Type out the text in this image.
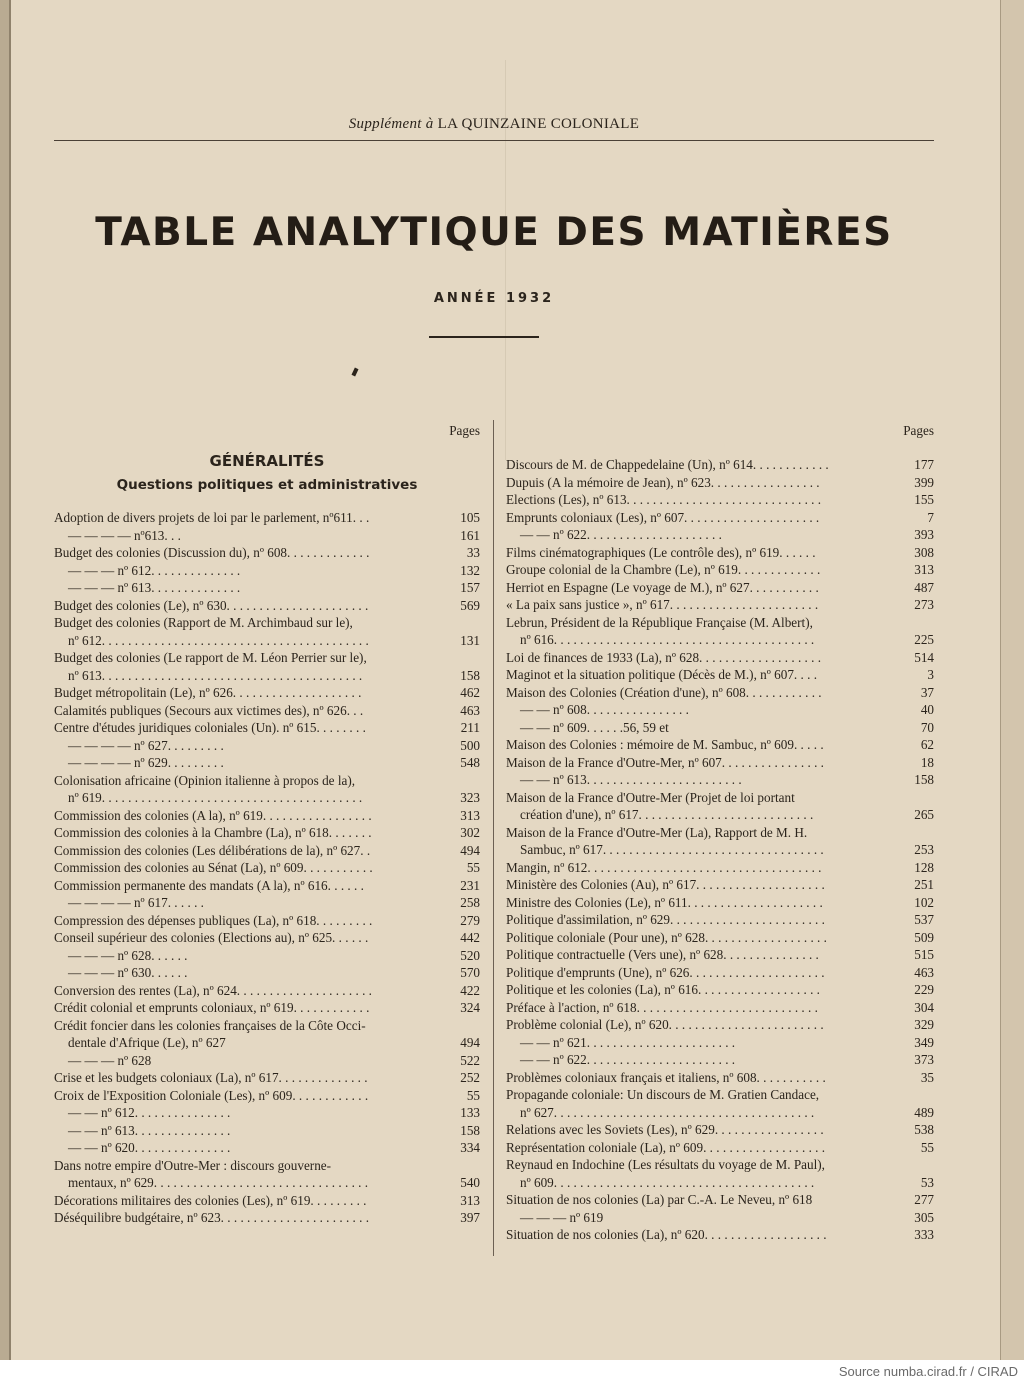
Supplément à LA QUINZAINE COLONIALE
TABLE ANALYTIQUE DES MATIÈRES
ANNÉE 1932
Pages
GÉNÉRALITÉS
Questions politiques et administratives
Adoption de divers projets de loi par le parlement, nº611. . .	105
— — — — nº613. . .	161
Budget des colonies (Discussion du), nº 608. . . . . . . . . . . . .	33
— — — nº 612. . . . . . . . . . . . . .	132
— — — nº 613. . . . . . . . . . . . . .	157
Budget des colonies (Le), nº 630. . . . . . . . . . . . . . . . . . . . . .	569
Budget des colonies (Rapport de M. Archimbaud sur le),
nº 612. . . . . . . . . . . . . . . . . . . . . . . . . . . . . . . . . . . . . . . . .	131
Budget des colonies (Le rapport de M. Léon Perrier sur le),
nº 613. . . . . . . . . . . . . . . . . . . . . . . . . . . . . . . . . . . . . . . .	158
Budget métropolitain (Le), nº 626. . . . . . . . . . . . . . . . . . . .	462
Calamités publiques (Secours aux victimes des), nº 626. . .	463
Centre d'études juridiques coloniales (Un). nº 615. . . . . . . .	211
— — — — nº 627. . . . . . . . .	500
— — — — nº 629. . . . . . . . .	548
Colonisation africaine (Opinion italienne à propos de la),
nº 619. . . . . . . . . . . . . . . . . . . . . . . . . . . . . . . . . . . . . . . .	323
Commission des colonies (A la), nº 619. . . . . . . . . . . . . . . . .	313
Commission des colonies à la Chambre (La), nº 618. . . . . . .	302
Commission des colonies (Les délibérations de la), nº 627. .	494
Commission des colonies au Sénat (La), nº 609. . . . . . . . . . .	55
Commission permanente des mandats (A la), nº 616. . . . . .	231
— — — — nº 617. . . . . .	258
Compression des dépenses publiques (La), nº 618. . . . . . . . .	279
Conseil supérieur des colonies (Elections au), nº 625. . . . . .	442
— — — nº 628. . . . . .	520
— — — nº 630. . . . . .	570
Conversion des rentes (La), nº 624. . . . . . . . . . . . . . . . . . . . .	422
Crédit colonial et emprunts coloniaux, nº 619. . . . . . . . . . . .	324
Crédit foncier dans les colonies françaises de la Côte Occi-
dentale d'Afrique (Le), nº 627	494
— — — nº 628	522
Crise et les budgets coloniaux (La), nº 617. . . . . . . . . . . . . .	252
Croix de l'Exposition Coloniale (Les), nº 609. . . . . . . . . . . .	55
— — nº 612. . . . . . . . . . . . . . .	133
— — nº 613. . . . . . . . . . . . . . .	158
— — nº 620. . . . . . . . . . . . . . .	334
Dans notre empire d'Outre-Mer : discours gouverne-
mentaux, nº 629. . . . . . . . . . . . . . . . . . . . . . . . . . . . . . . . .	540
Décorations militaires des colonies (Les), nº 619. . . . . . . . .	313
Déséquilibre budgétaire, nº 623. . . . . . . . . . . . . . . . . . . . . . .	397
Pages
Discours de M. de Chappedelaine (Un), nº 614. . . . . . . . . . . .	177
Dupuis (A la mémoire de Jean), nº 623. . . . . . . . . . . . . . . . .	399
Elections (Les), nº 613. . . . . . . . . . . . . . . . . . . . . . . . . . . . . .	155
Emprunts coloniaux (Les), nº 607. . . . . . . . . . . . . . . . . . . . .	7
— — nº 622. . . . . . . . . . . . . . . . . . . . .	393
Films cinématographiques (Le contrôle des), nº 619. . . . . .	308
Groupe colonial de la Chambre (Le), nº 619. . . . . . . . . . . . .	313
Herriot en Espagne (Le voyage de M.), nº 627. . . . . . . . . . .	487
« La paix sans justice », nº 617. . . . . . . . . . . . . . . . . . . . . . .	273
Lebrun, Président de la République Française (M. Albert),
nº 616. . . . . . . . . . . . . . . . . . . . . . . . . . . . . . . . . . . . . . . .	225
Loi de finances de 1933 (La), nº 628. . . . . . . . . . . . . . . . . . .	514
Maginot et la situation politique (Décès de M.), nº 607. . . .	3
Maison des Colonies (Création d'une), nº 608. . . . . . . . . . . .	37
— — nº 608. . . . . . . . . . . . . . . .	40
— — nº 609. . . . . .56, 59 et	70
Maison des Colonies : mémoire de M. Sambuc, nº 609. . . . .	62
Maison de la France d'Outre-Mer, nº 607. . . . . . . . . . . . . . . .	18
— — nº 613. . . . . . . . . . . . . . . . . . . . . . . .	158
Maison de la France d'Outre-Mer (Projet de loi portant
création d'une), nº 617. . . . . . . . . . . . . . . . . . . . . . . . . . .	265
Maison de la France d'Outre-Mer (La), Rapport de M. H.
Sambuc, nº 617. . . . . . . . . . . . . . . . . . . . . . . . . . . . . . . . . .	253
Mangin, nº 612. . . . . . . . . . . . . . . . . . . . . . . . . . . . . . . . . . . .	128
Ministère des Colonies (Au), nº 617. . . . . . . . . . . . . . . . . . . .	251
Ministre des Colonies (Le), nº 611. . . . . . . . . . . . . . . . . . . . .	102
Politique d'assimilation, nº 629. . . . . . . . . . . . . . . . . . . . . . . .	537
Politique coloniale (Pour une), nº 628. . . . . . . . . . . . . . . . . . .	509
Politique contractuelle (Vers une), nº 628. . . . . . . . . . . . . . .	515
Politique d'emprunts (Une), nº 626. . . . . . . . . . . . . . . . . . . . .	463
Politique et les colonies (La), nº 616. . . . . . . . . . . . . . . . . . .	229
Préface à l'action, nº 618. . . . . . . . . . . . . . . . . . . . . . . . . . . .	304
Problème colonial (Le), nº 620. . . . . . . . . . . . . . . . . . . . . . . .	329
— — nº 621. . . . . . . . . . . . . . . . . . . . . . .	349
— — nº 622. . . . . . . . . . . . . . . . . . . . . . .	373
Problèmes coloniaux français et italiens, nº 608. . . . . . . . . . .	35
Propagande coloniale: Un discours de M. Gratien Candace,
nº 627. . . . . . . . . . . . . . . . . . . . . . . . . . . . . . . . . . . . . . . .	489
Relations avec les Soviets (Les), nº 629. . . . . . . . . . . . . . . . .	538
Représentation coloniale (La), nº 609. . . . . . . . . . . . . . . . . . .	55
Reynaud en Indochine (Les résultats du voyage de M. Paul),
nº 609. . . . . . . . . . . . . . . . . . . . . . . . . . . . . . . . . . . . . . . .	53
Situation de nos colonies (La) par C.-A. Le Neveu, nº 618	277
— — — nº 619	305
Situation de nos colonies (La), nº 620. . . . . . . . . . . . . . . . . . .	333
Source numba.cirad.fr / CIRAD
